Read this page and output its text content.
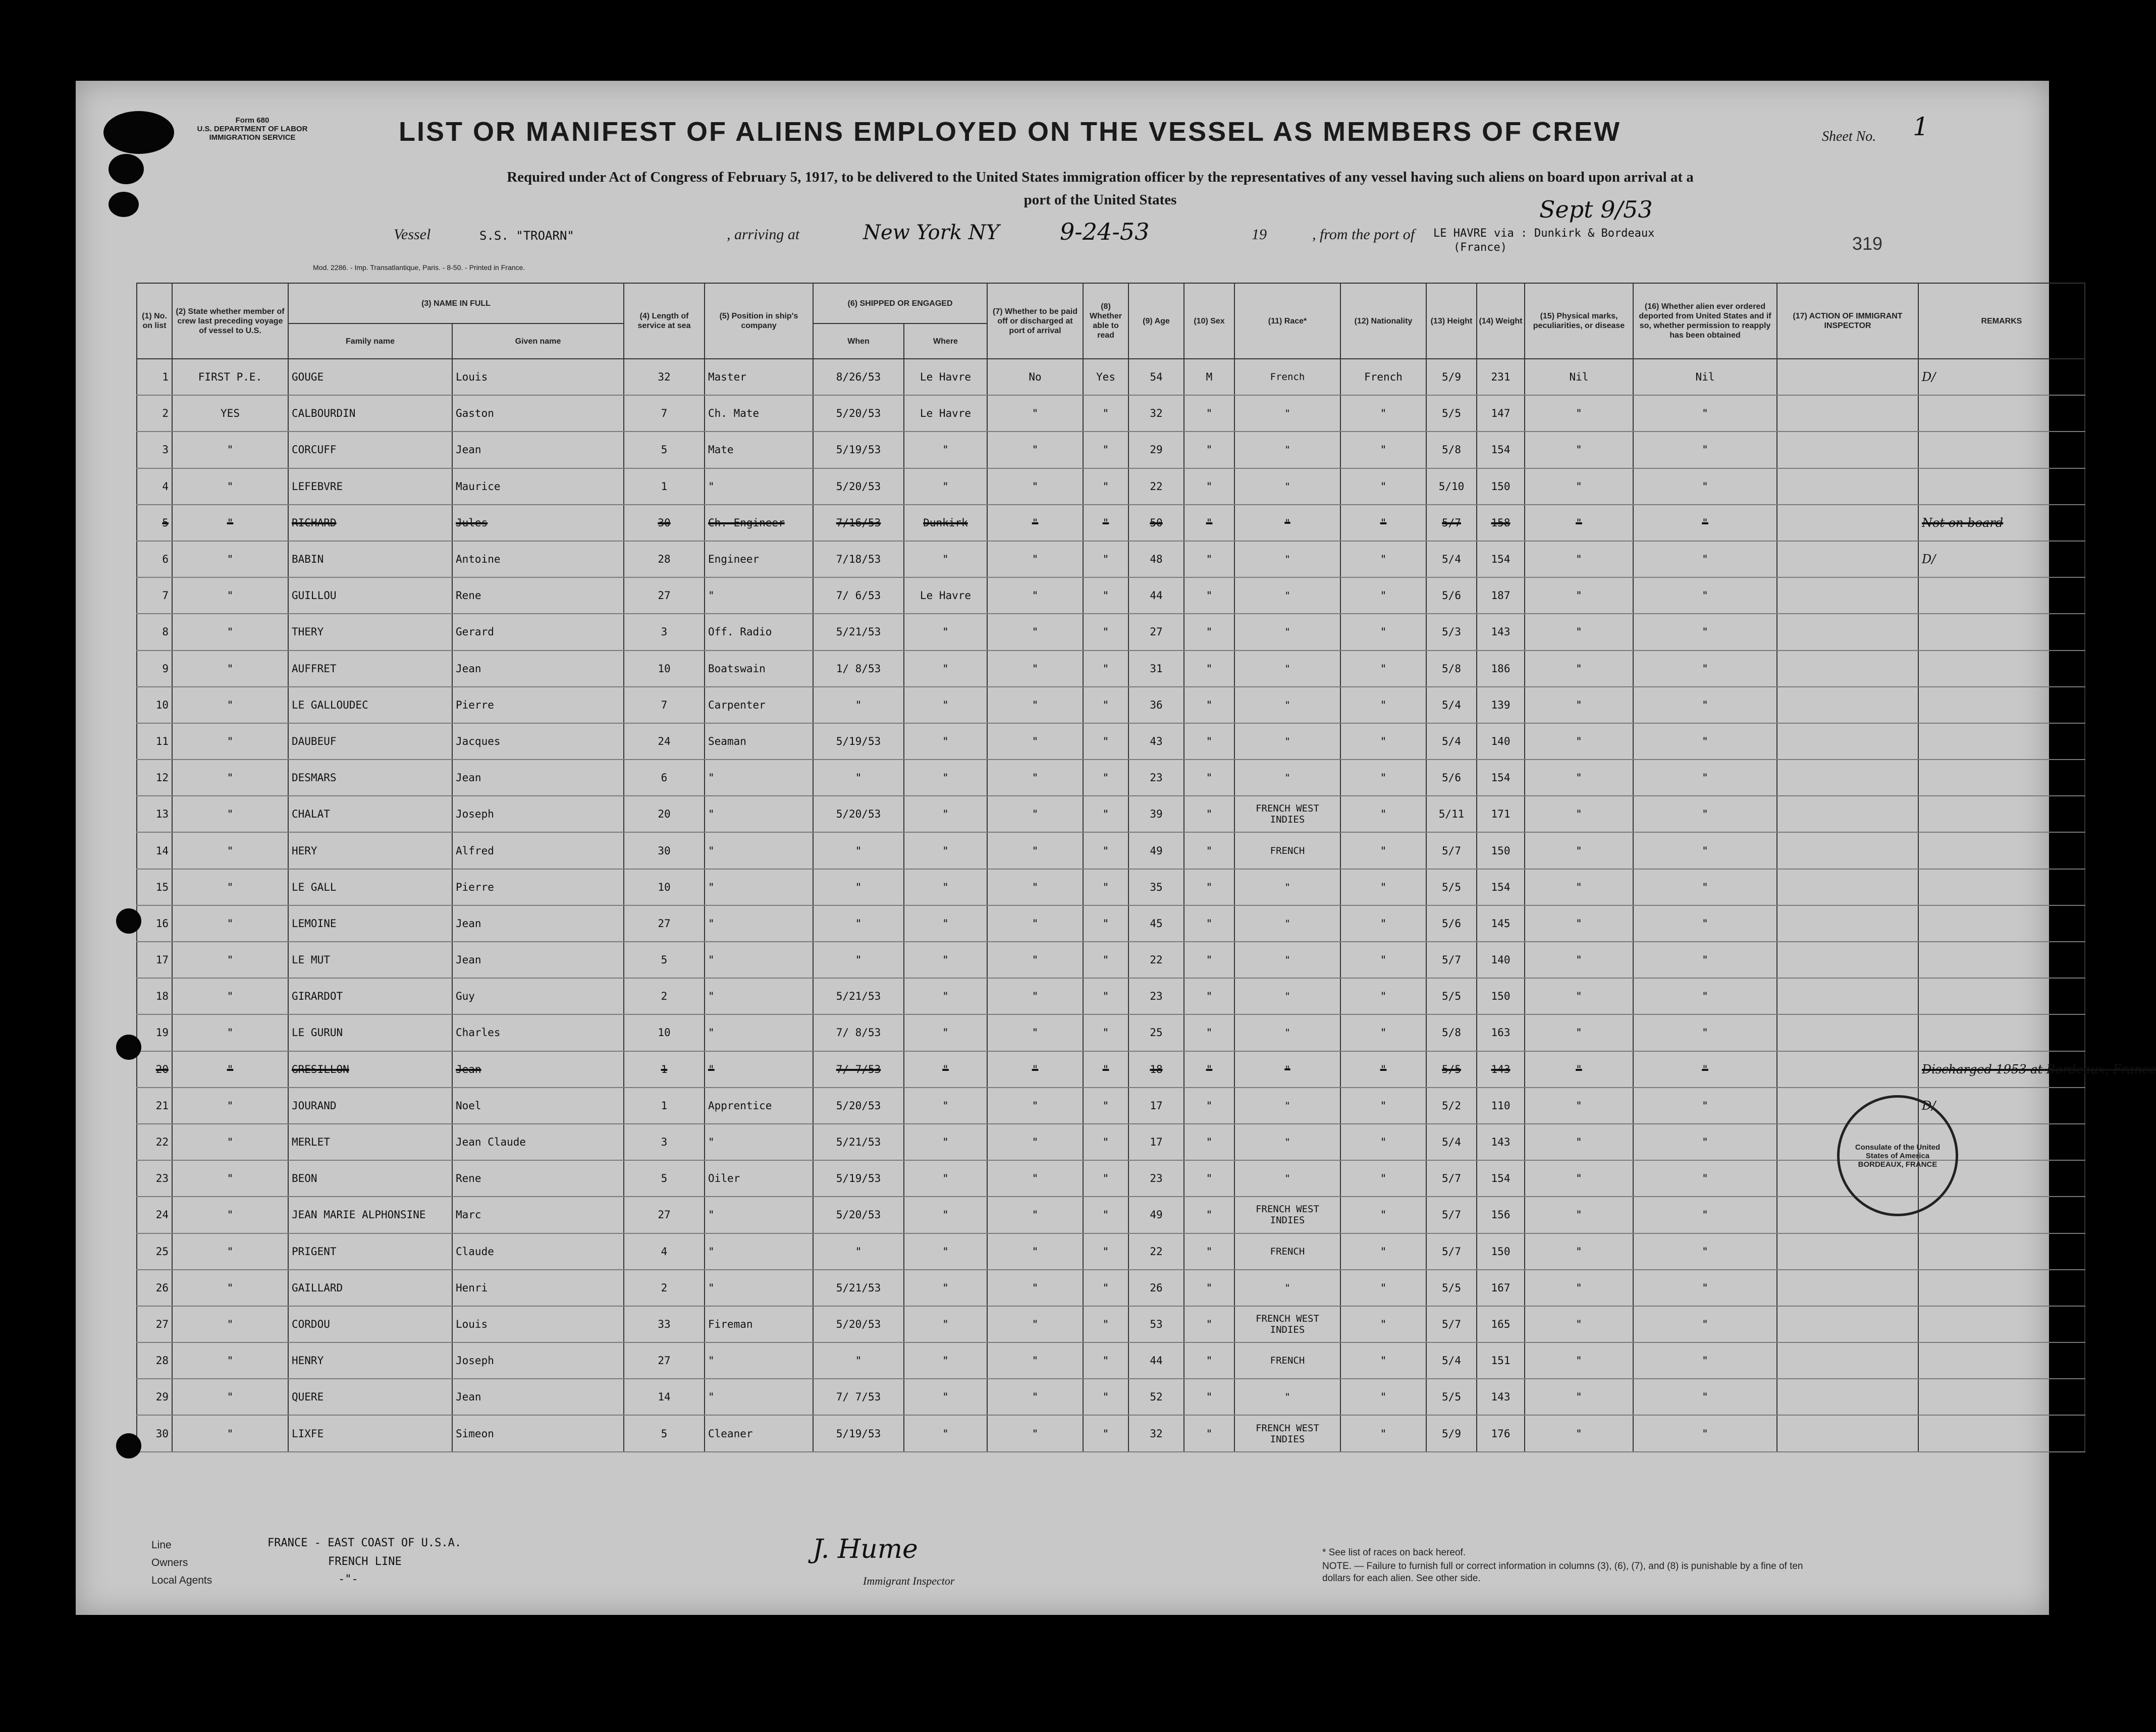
Form 680
U.S. DEPARTMENT OF LABOR
IMMIGRATION SERVICE	LIST OR MANIFEST OF ALIENS EMPLOYED ON THE VESSEL AS MEMBERS OF CREW	Sheet No. 1
Required under Act of Congress of February 5, 1917, to be delivered to the United States immigration officer by the representatives of any vessel having such aliens on board upon arrival at a
port of the United States
Vessel	S.S. "TROARN"	, arriving at	New York NY	9-24-53	19	, from the port of LE HAVRE via :
(France)
Dunkirk & Bordeaux
Sept 9/53
319
Mod. 2286. - Imp. Transatlantique, Paris. - 8-50. - Printed in France.
(1) No. on list	(2) State whether member of crew last preceding voyage of vessel to U.S.	(3) NAME IN FULL		(4) Length of service at sea	(5) Position in ship's company	(6) SHIPPED OR ENGAGED		(7) Whether to be paid off or discharged at port of arrival	(8) Whether able to read	(9) Age	(10) Sex	(11) Race*	(12) Nationality	(13) Height	(14) Weight	(15) Physical marks, peculiarities, or disease	(16) Whether alien ever ordered deported from United States and if so, whether permission to reapply has been obtained	(17) ACTION OF IMMIGRANT INSPECTOR	REMARKS
		Family name	Given name			When	Where												
1	FIRST P.E.	GOUGE	Louis	32	Master	8/26/53	Le Havre	No	Yes	54	M	French	French	5/9	231	Nil	Nil		D/
2	YES	CALBOURDIN	Gaston	7	Ch. Mate	5/20/53	Le Havre	"	"	32	"	"	"	5/5	147	"	"		
3	"	CORCUFF	Jean	5	Mate	5/19/53	"	"	"	29	"	"	"	5/8	154	"	"		
4	"	LEFEBVRE	Maurice	1	"	5/20/53	"	"	"	22	"	"	"	5/10	150	"	"		
5	"	RICHARD	Jules	30	Ch. Engineer	7/16/53	Dunkirk	"	"	50	"	"	"	5/7	158	"	"		Not on board
6	"	BABIN	Antoine	28	Engineer	7/18/53	"	"	"	48	"	"	"	5/4	154	"	"		D/
7	"	GUILLOU	Rene	27	"	7/ 6/53	Le Havre	"	"	44	"	"	"	5/6	187	"	"		
8	"	THERY	Gerard	3	Off. Radio	5/21/53	"	"	"	27	"	"	"	5/3	143	"	"		
9	"	AUFFRET	Jean	10	Boatswain	1/ 8/53	"	"	"	31	"	"	"	5/8	186	"	"		
10	"	LE GALLOUDEC	Pierre	7	Carpenter	"	"	"	"	36	"	"	"	5/4	139	"	"		
11	"	DAUBEUF	Jacques	24	Seaman	5/19/53	"	"	"	43	"	"	"	5/4	140	"	"		
12	"	DESMARS	Jean	6	"	"	"	"	"	23	"	"	"	5/6	154	"	"		
13	"	CHALAT	Joseph	20	"	5/20/53	"	"	"	39	"	FRENCH WEST INDIES	"	5/11	171	"	"		
14	"	HERY	Alfred	30	"	"	"	"	"	49	"	FRENCH	"	5/7	150	"	"		
15	"	LE GALL	Pierre	10	"	"	"	"	"	35	"	"	"	5/5	154	"	"		
16	"	LEMOINE	Jean	27	"	"	"	"	"	45	"	"	"	5/6	145	"	"		
17	"	LE MUT	Jean	5	"	"	"	"	"	22	"	"	"	5/7	140	"	"		
18	"	GIRARDOT	Guy	2	"	5/21/53	"	"	"	23	"	"	"	5/5	150	"	"		
19	"	LE GURUN	Charles	10	"	7/ 8/53	"	"	"	25	"	"	"	5/8	163	"	"		
20	"	GRESILLON	Jean	1	"	7/ 7/53	"	"	"	18	"	"	"	5/5	143	"	"		Discharged 1953 at Bordeaux, France
21	"	JOURAND	Noel	1	Apprentice	5/20/53	"	"	"	17	"	"	"	5/2	110	"	"		D/
22	"	MERLET	Jean Claude	3	"	5/21/53	"	"	"	17	"	"	"	5/4	143	"	"		
23	"	BEON	Rene	5	Oiler	5/19/53	"	"	"	23	"	"	"	5/7	154	"	"		
24	"	JEAN MARIE ALPHONSINE	Marc	27	"	5/20/53	"	"	"	49	"	FRENCH WEST INDIES	"	5/7	156	"	"		
25	"	PRIGENT	Claude	4	"	"	"	"	"	22	"	FRENCH	"	5/7	150	"	"		
26	"	GAILLARD	Henri	2	"	5/21/53	"	"	"	26	"	"	"	5/5	167	"	"		
27	"	CORDOU	Louis	33	Fireman	5/20/53	"	"	"	53	"	FRENCH WEST INDIES	"	5/7	165	"	"		
28	"	HENRY	Joseph	27	"	"	"	"	"	44	"	FRENCH	"	5/4	151	"	"		
29	"	QUERE	Jean	14	"	7/ 7/53	"	"	"	52	"	"	"	5/5	143	"	"		
30	"	LIXFE	Simeon	5	Cleaner	5/19/53	"	"	"	32	"	FRENCH WEST INDIES	"	5/9	176	"	"		
Consulate of the United States of America BORDEAUX, FRANCE
Line	FRANCE - EAST COAST OF U.S.A.
Owners	FRENCH LINE
Local Agents	-"-
J. Hume
Immigrant Inspector
* See list of races on back hereof.
NOTE. — Failure to furnish full or correct information in columns (3), (6), (7), and (8) is punishable by a fine of ten dollars for each alien. See other side.
